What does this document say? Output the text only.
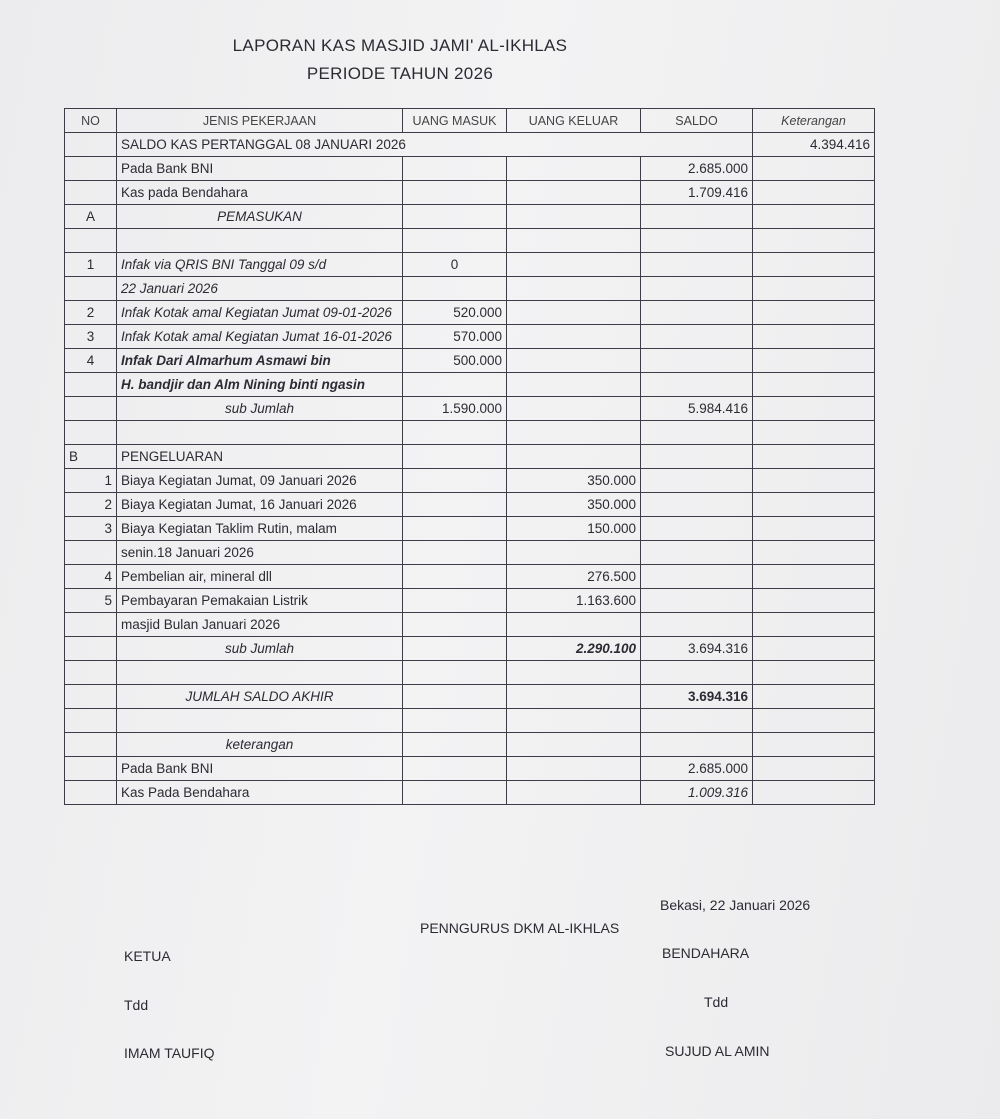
LAPORAN KAS MASJID JAMI' AL-IKHLAS
PERIODE TAHUN 2026
NO	JENIS PEKERJAAN	UANG MASUK	UANG KELUAR	SALDO	Keterangan
	SALDO KAS PERTANGGAL 08 JANUARI 2026				4.394.416
	Pada Bank BNI			2.685.000	
	Kas pada Bendahara			1.709.416	
A	PEMASUKAN				

1	Infak via QRIS BNI Tanggal 09 s/d	0			
	22 Januari 2026				
2	Infak Kotak amal Kegiatan Jumat 09-01-2026	520.000			
3	Infak Kotak amal Kegiatan Jumat 16-01-2026	570.000			
4	Infak Dari Almarhum Asmawi bin	500.000			
	H. bandjir dan Alm Nining binti ngasin				
	sub Jumlah	1.590.000		5.984.416	

B	PENGELUARAN				
1	Biaya Kegiatan Jumat, 09 Januari 2026		350.000		
2	Biaya Kegiatan Jumat, 16 Januari 2026		350.000		
3	Biaya Kegiatan Taklim Rutin, malam		150.000		
	senin.18 Januari 2026				
4	Pembelian air, mineral dll		276.500		
5	Pembayaran Pemakaian Listrik		1.163.600		
	masjid Bulan Januari 2026				
	sub Jumlah		2.290.100	3.694.316	

	JUMLAH SALDO AKHIR			3.694.316	

	keterangan				
	Pada Bank BNI			2.685.000	
	Kas Pada Bendahara			1.009.316	
Bekasi, 22 Januari 2026
PENNGURUS DKM AL-IKHLAS
KETUA	BENDAHARA
Tdd	Tdd
IMAM TAUFIQ	SUJUD AL AMIN
